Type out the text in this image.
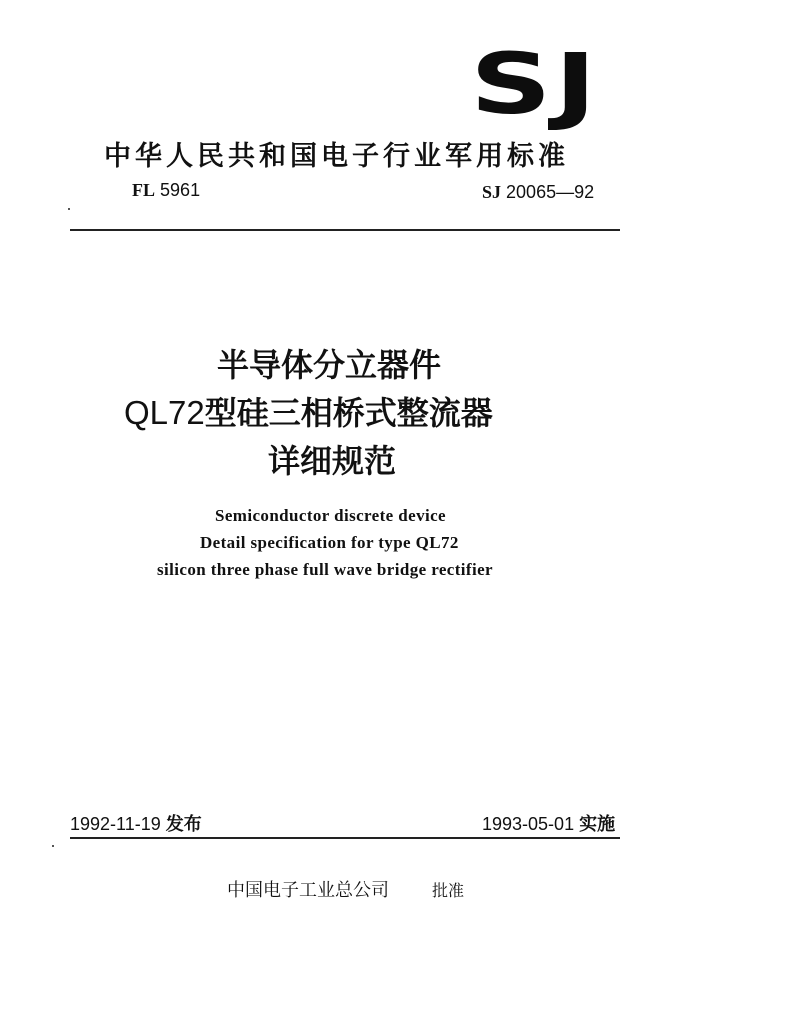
SJ
中华人民共和国电子行业军用标准
FL 5961	SJ 20065—92
半导体分立器件
QL72型硅三相桥式整流器
详细规范
Semiconductor discrete device
Detail specification for type QL72
silicon three phase full wave bridge rectifier
1992-11-19 发布	1993-05-01 实施
中国电子工业总公司	批准
